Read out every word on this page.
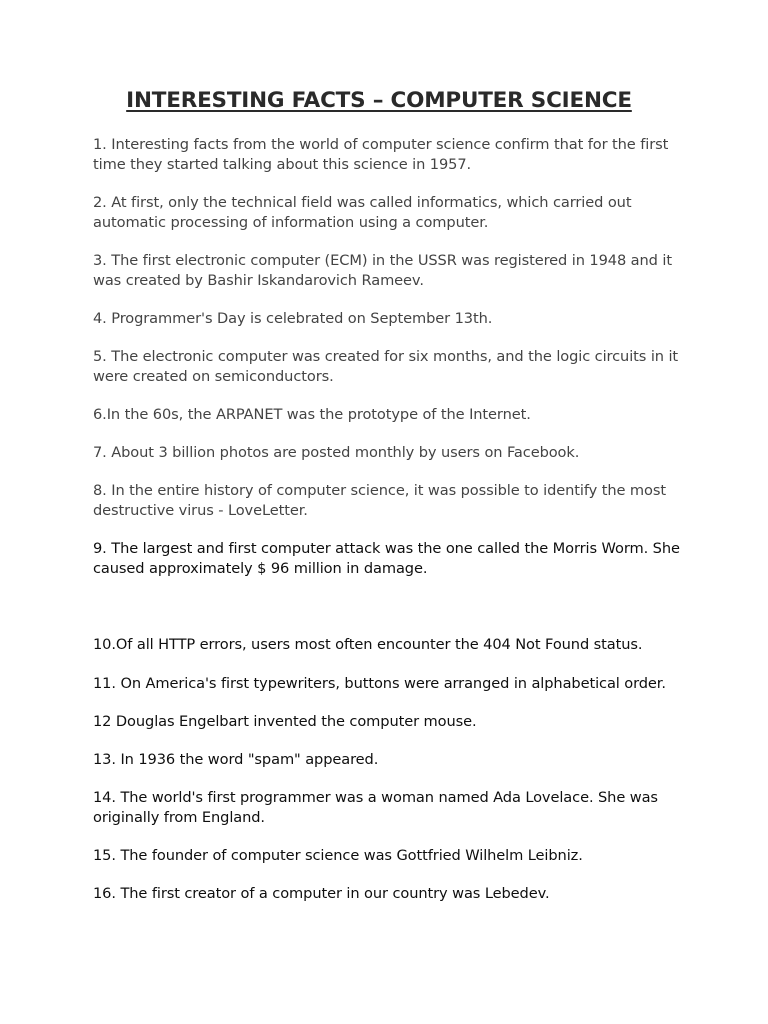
INTERESTING FACTS – COMPUTER SCIENCE
1. Interesting facts from the world of computer science confirm that for the first time they started talking about this science in 1957.
2. At first, only the technical field was called informatics, which carried out automatic processing of information using a computer.
3. The first electronic computer (ECM) in the USSR was registered in 1948 and it was created by Bashir Iskandarovich Rameev.
4. Programmer's Day is celebrated on September 13th.
5. The electronic computer was created for six months, and the logic circuits in it were created on semiconductors.
6.In the 60s, the ARPANET was the prototype of the Internet.
7. About 3 billion photos are posted monthly by users on Facebook.
8. In the entire history of computer science, it was possible to identify the most destructive virus - LoveLetter.
9. The largest and first computer attack was the one called the Morris Worm. She caused approximately $ 96 million in damage.
10.Of all HTTP errors, users most often encounter the 404 Not Found status.
11. On America's first typewriters, buttons were arranged in alphabetical order.
12 Douglas Engelbart invented the computer mouse.
13. In 1936 the word "spam" appeared.
14. The world's first programmer was a woman named Ada Lovelace. She was originally from England.
15. The founder of computer science was Gottfried Wilhelm Leibniz.
16. The first creator of a computer in our country was Lebedev.
